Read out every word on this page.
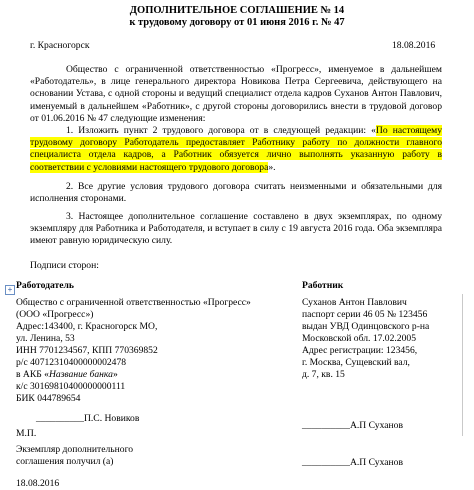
ДОПОЛНИТЕЛЬНОЕ СОГЛАШЕНИЕ № 14
к трудовому договору от 01 июня 2016 г. № 47
г. Красногорск	18.08.2016
Общество с ограниченной ответственностью «Прогресс», именуемое в дальнейшем «Работодатель», в лице генерального директора Новикова Петра Сергеевича, действующего на основании Устава, с одной стороны и ведущий специалист отдела кадров Суханов Антон Павлович, именуемый в дальнейшем «Работник», с другой стороны договорились внести в трудовой договор от 01.06.2016 № 47 следующие изменения:
1. Изложить пункт 2 трудового договора от в следующей редакции: «По настоящему трудовому договору Работодатель предоставляет Работнику работу по должности главного специалиста отдела кадров, а Работник обязуется лично выполнять указанную работу в соответствии с условиями настоящего трудового договора».
2. Все другие условия трудового договора считать неизменными и обязательными для исполнения сторонами.
3. Настоящее дополнительное соглашение составлено в двух экземплярах, по одному экземпляру для Работника и Работодателя, и вступает в силу с 19 августа 2016 года. Оба экземпляра имеют равную юридическую силу.
Подписи сторон:
+ Работодатель
Общество с ограниченной ответственностью «Прогресс»
(ООО «Прогресс»)
Адрес:143400, г. Красногорск МО,
ул. Ленина, 53
ИНН 7701234567, КПП 770369852
р/с 40712310400000002478
в АКБ «Название банка»
к/с 30169810400000000111
БИК 044789654
__________П.С. Новиков
М.П.
Экземпляр дополнительного
соглашения получил (а)
18.08.2016
Работник
Суханов Антон Павлович
паспорт серии 46 05 № 123456
выдан УВД Одинцовского р-на
Московской обл. 17.02.2005
Адрес регистрации: 123456,
г. Москва, Сущевский вал,
д. 7, кв. 15
__________А.П Суханов
__________А.П Суханов
